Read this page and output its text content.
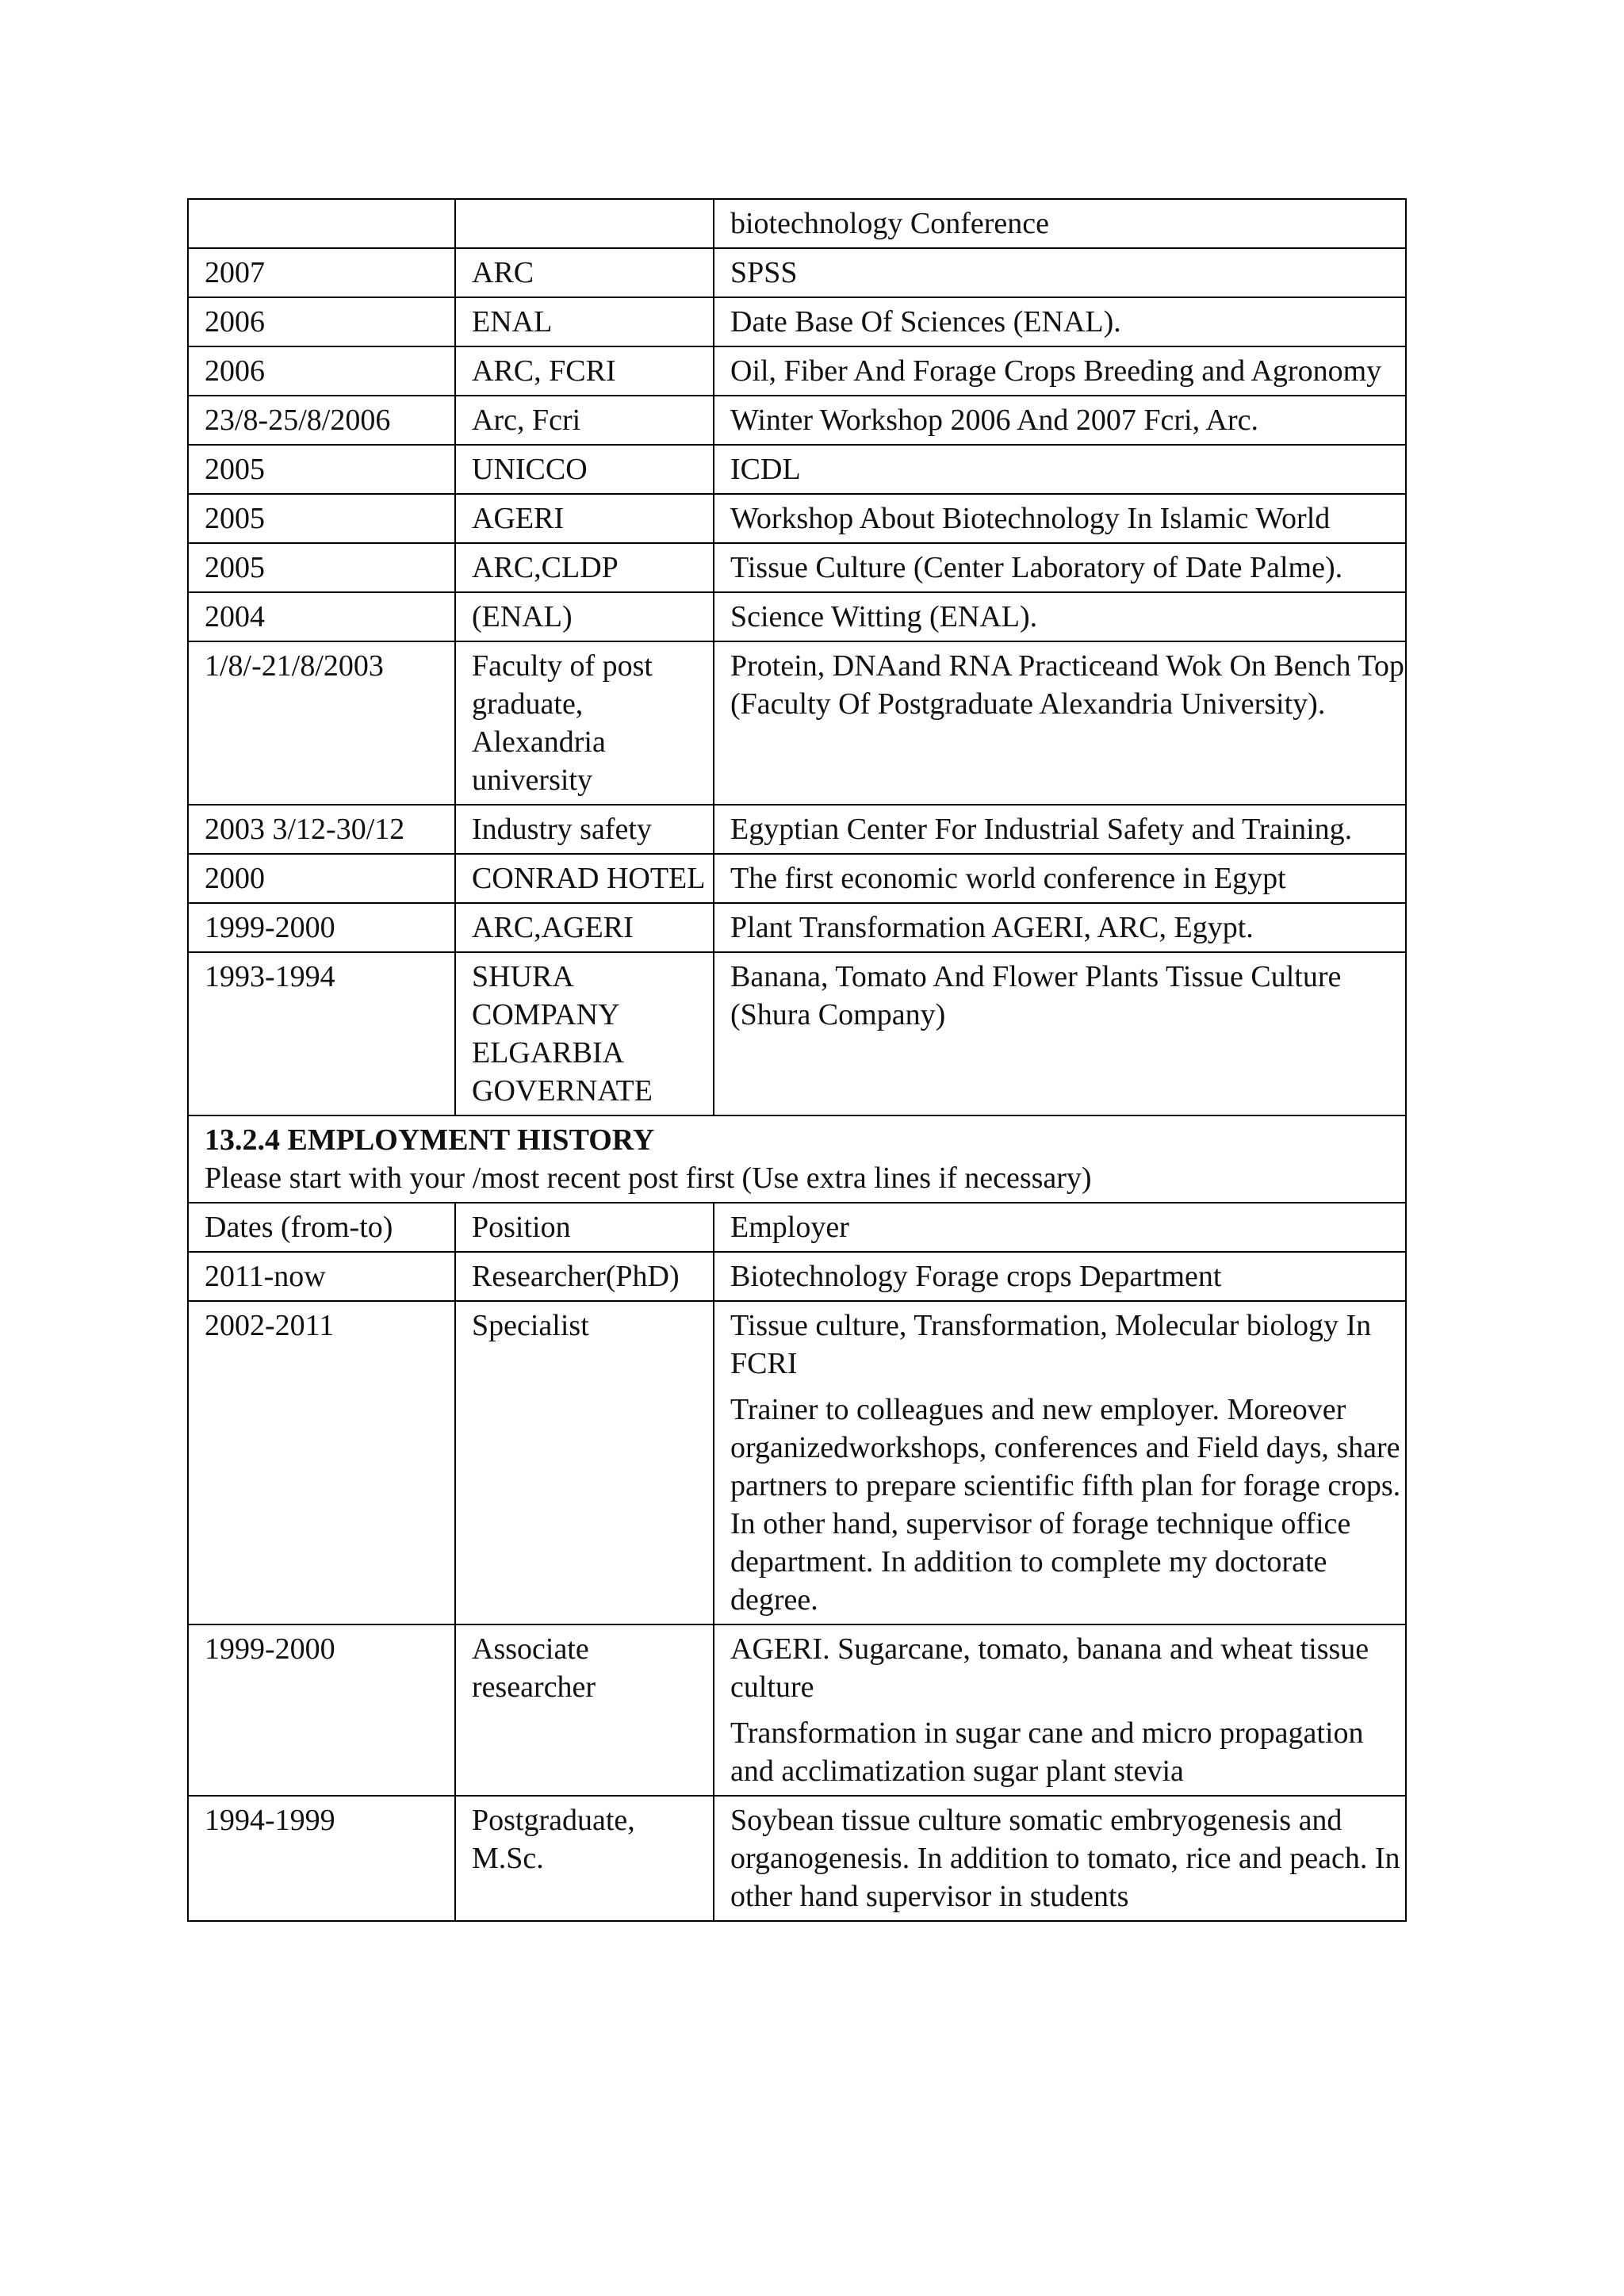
		biotechnology Conference
2007	ARC	SPSS
2006	ENAL	Date Base Of Sciences (ENAL).
2006	ARC, FCRI	Oil, Fiber And Forage Crops Breeding and Agronomy
23/8-25/8/2006	Arc, Fcri	Winter Workshop 2006 And 2007 Fcri, Arc.
2005	UNICCO	ICDL
2005	AGERI	Workshop About Biotechnology In Islamic World
2005	ARC,CLDP	Tissue Culture (Center Laboratory of Date Palme).
2004	(ENAL)	Science Witting (ENAL).
1/8/-21/8/2003	Faculty of post graduate, Alexandria university	Protein, DNAand RNA Practiceand Wok On Bench Top (Faculty Of Postgraduate Alexandria University).
2003 3/12-30/12	Industry safety	Egyptian Center For Industrial Safety and Training.
2000	CONRAD HOTEL	The first economic world conference in Egypt
1999-2000	ARC,AGERI	Plant Transformation AGERI, ARC, Egypt.
1993-1994	SHURA COMPANY ELGARBIA GOVERNATE	Banana, Tomato And Flower Plants Tissue Culture (Shura Company)

13.2.4 EMPLOYMENT HISTORY
Please start with your /most recent post first (Use extra lines if necessary)		

Dates (from-to)	Position	Employer
2011-now	Researcher(PhD)	Biotechnology Forage crops Department

2002-2011	Specialist	Tissue culture, Transformation, Molecular biology In FCRI
Trainer to colleagues and new employer. Moreover organizedworkshops, conferences and Field days, share partners to prepare scientific fifth plan for forage crops. In other hand, supervisor of forage technique office department. In addition to complete my doctorate degree.

1999-2000	Associate researcher	AGERI. Sugarcane, tomato, banana and wheat tissue culture
Transformation in sugar cane and micro propagation and acclimatization sugar plant stevia

1994-1999	Postgraduate, M.Sc.	Soybean tissue culture somatic embryogenesis and organogenesis. In addition to tomato, rice and peach. In other hand supervisor in students
